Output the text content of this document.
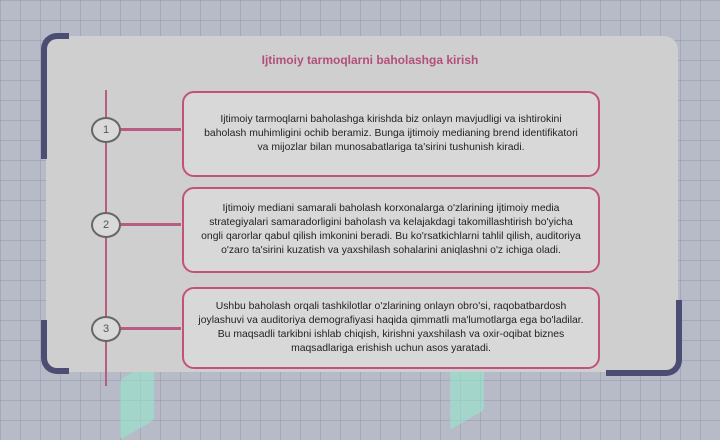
Ijtimoiy tarmoqlarni baholashga kirish
1
Ijtimoiy tarmoqlarni baholashga kirishda biz onlayn mavjudligi va ishtirokini baholash muhimligini ochib beramiz. Bunga ijtimoiy medianing brend identifikatori va mijozlar bilan munosabatlariga ta'sirini tushunish kiradi.
2
Ijtimoiy mediani samarali baholash korxonalarga o'zlarining ijtimoiy media strategiyalari samaradorligini baholash va kelajakdagi takomillashtirish bo'yicha ongli qarorlar qabul qilish imkonini beradi. Bu ko'rsatkichlarni tahlil qilish, auditoriya o'zaro ta'sirini kuzatish va yaxshilash sohalarini aniqlashni o'z ichiga oladi.
3
Ushbu baholash orqali tashkilotlar o'zlarining onlayn obro'si, raqobatbardosh joylashuvi va auditoriya demografiyasi haqida qimmatli ma'lumotlarga ega bo'ladilar. Bu maqsadli tarkibni ishlab chiqish, kirishni yaxshilash va oxir-oqibat biznes maqsadlariga erishish uchun asos yaratadi.
